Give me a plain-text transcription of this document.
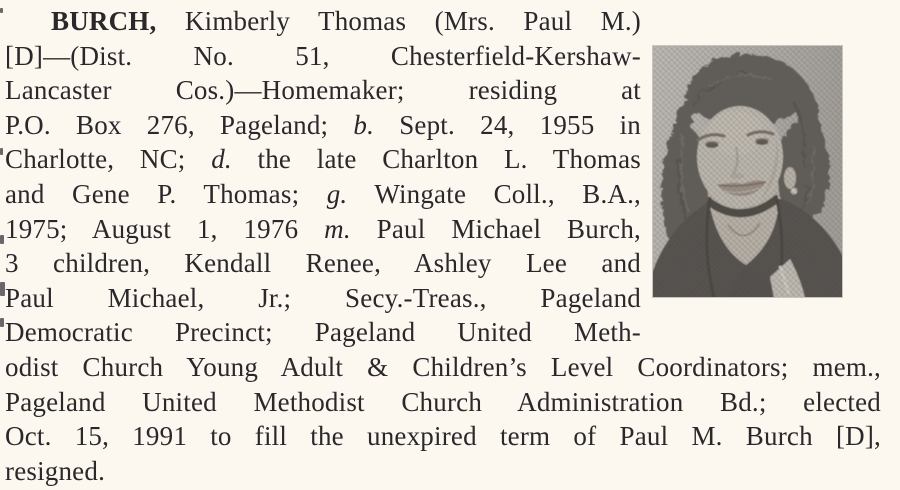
BURCH, Kimberly Thomas (Mrs. Paul M.)
[D]—(Dist. No. 51, Chesterfield-Kershaw-
Lancaster Cos.)—Homemaker; residing at
P.O. Box 276, Pageland; b. Sept. 24, 1955 in
Charlotte, NC; d. the late Charlton L. Thomas
and Gene P. Thomas; g. Wingate Coll., B.A.,
1975; August 1, 1976 m. Paul Michael Burch,
3 children, Kendall Renee, Ashley Lee and
Paul Michael, Jr.; Secy.-Treas., Pageland
Democratic Precinct; Pageland United Meth-
odist Church Young Adult & Children’s Level Coordinators; mem.,
Pageland United Methodist Church Administration Bd.; elected
Oct. 15, 1991 to fill the unexpired term of Paul M. Burch [D],
resigned.
